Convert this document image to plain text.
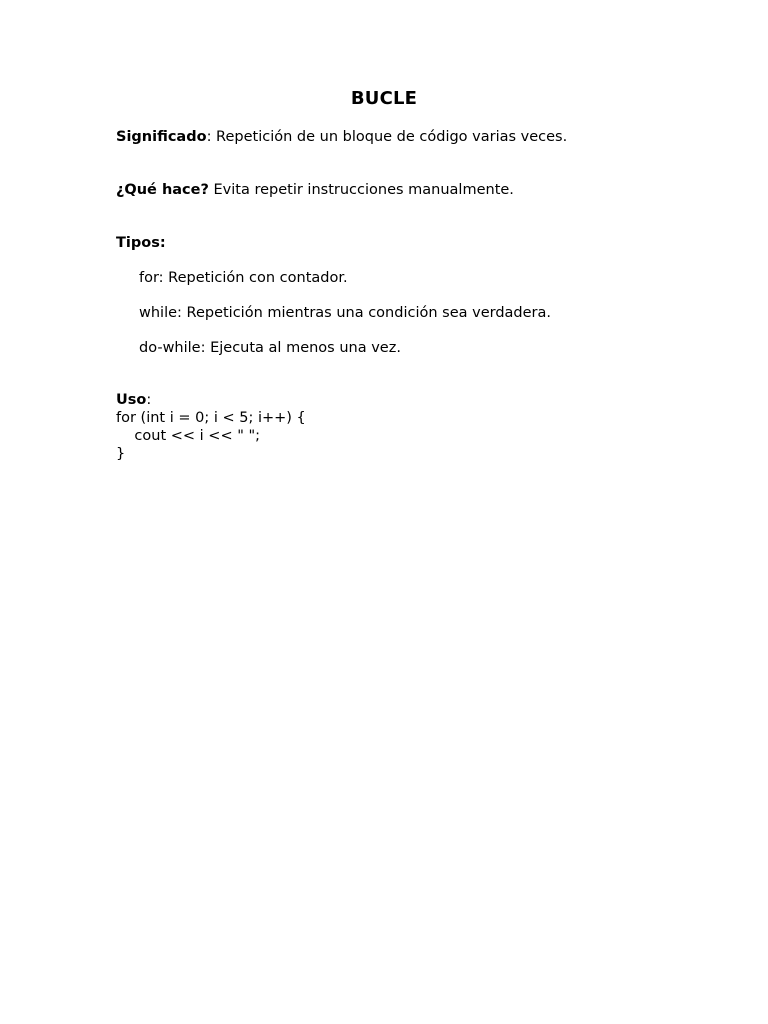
BUCLE
Significado: Repetición de un bloque de código varias veces.
¿Qué hace? Evita repetir instrucciones manualmente.
Tipos:
for: Repetición con contador.
while: Repetición mientras una condición sea verdadera.
do-while: Ejecuta al menos una vez.
Uso:
for (int i = 0; i < 5; i++) {
cout << i << " ";
}
